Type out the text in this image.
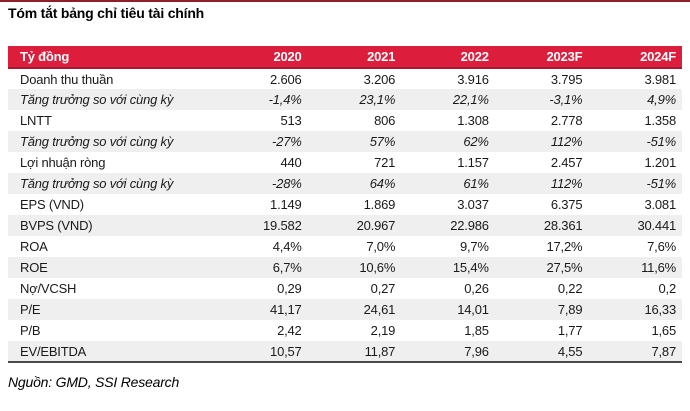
Tóm tắt bảng chỉ tiêu tài chính
Tỷ đồng	2020	2021	2022	2023F	2024F
Doanh thu thuần	2.606	3.206	3.916	3.795	3.981
Tăng trưởng so với cùng kỳ	-1,4%	23,1%	22,1%	-3,1%	4,9%
LNTT	513	806	1.308	2.778	1.358
Tăng trưởng so với cùng kỳ	-27%	57%	62%	112%	-51%
Lợi nhuận ròng	440	721	1.157	2.457	1.201
Tăng trưởng so với cùng kỳ	-28%	64%	61%	112%	-51%
EPS (VND)	1.149	1.869	3.037	6.375	3.081
BVPS (VND)	19.582	20.967	22.986	28.361	30.441
ROA	4,4%	7,0%	9,7%	17,2%	7,6%
ROE	6,7%	10,6%	15,4%	27,5%	11,6%
Nợ/VCSH	0,29	0,27	0,26	0,22	0,2
P/E	41,17	24,61	14,01	7,89	16,33
P/B	2,42	2,19	1,85	1,77	1,65
EV/EBITDA	10,57	11,87	7,96	4,55	7,87
Nguồn: GMD, SSI Research
